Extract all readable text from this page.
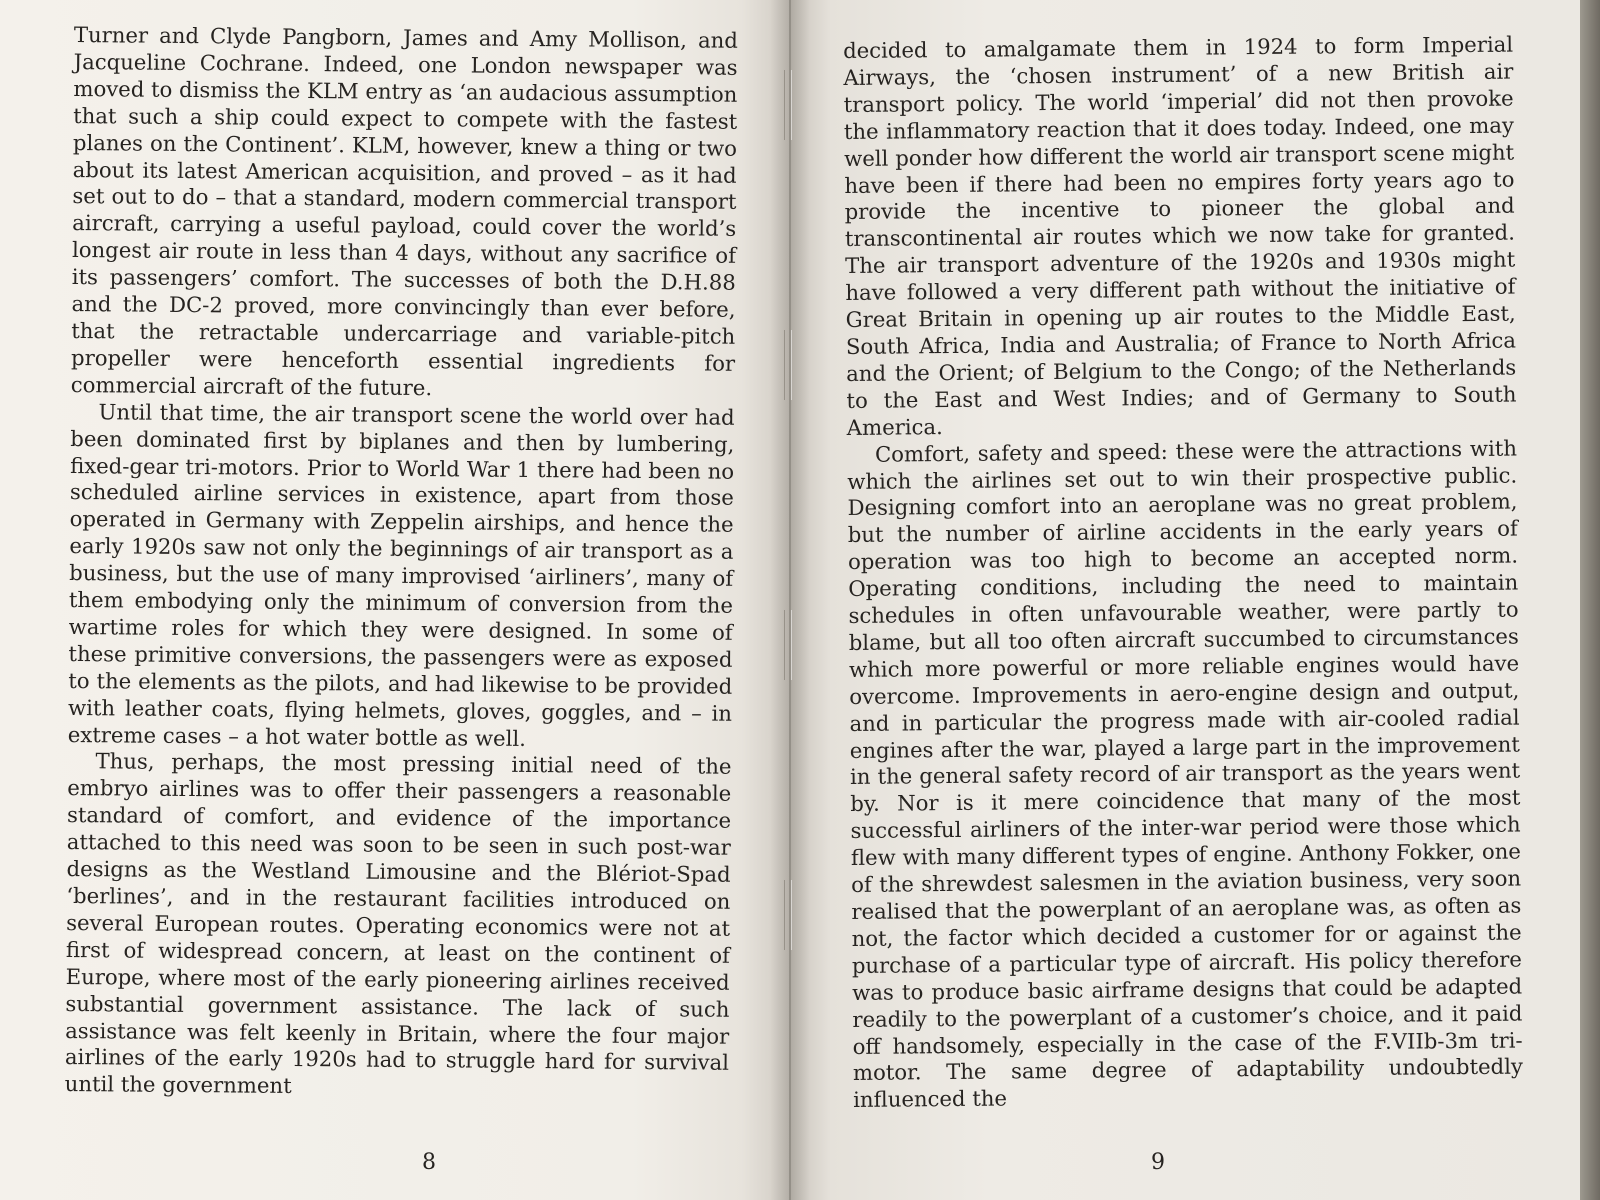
Turner and Clyde Pangborn, James and Amy Mollison, and Jacqueline Cochrane. Indeed, one London newspaper was moved to dismiss the KLM entry as ‘an audacious assumption that such a ship could expect to compete with the fastest planes on the Continent’. KLM, however, knew a thing or two about its latest American acquisition, and proved – as it had set out to do – that a standard, modern commercial transport aircraft, carrying a useful payload, could cover the world’s longest air route in less than 4 days, without any sacrifice of its passengers’ comfort. The successes of both the D.H.88 and the DC-2 proved, more convincingly than ever before, that the retractable undercarriage and variable-pitch propeller were henceforth essential ingredients for commercial aircraft of the future.

Until that time, the air transport scene the world over had been dominated first by biplanes and then by lumbering, fixed-gear tri-motors. Prior to World War 1 there had been no scheduled airline services in existence, apart from those operated in Germany with Zeppelin airships, and hence the early 1920s saw not only the beginnings of air transport as a business, but the use of many improvised ‘airliners’, many of them embodying only the minimum of conversion from the wartime roles for which they were designed. In some of these primitive conversions, the passengers were as exposed to the elements as the pilots, and had likewise to be provided with leather coats, flying helmets, gloves, goggles, and – in extreme cases – a hot water bottle as well.

Thus, perhaps, the most pressing initial need of the embryo airlines was to offer their passengers a reasonable standard of comfort, and evidence of the importance attached to this need was soon to be seen in such post-war designs as the Westland Limousine and the Blériot-Spad ‘berlines’, and in the restaurant facilities introduced on several European routes. Operating economics were not at first of widespread concern, at least on the continent of Europe, where most of the early pioneering airlines received substantial government assistance. The lack of such assistance was felt keenly in Britain, where the four major airlines of the early 1920s had to struggle hard for survival until the government

8

decided to amalgamate them in 1924 to form Imperial Airways, the ‘chosen instrument’ of a new British air transport policy. The world ‘imperial’ did not then provoke the inflammatory reaction that it does today. Indeed, one may well ponder how different the world air transport scene might have been if there had been no empires forty years ago to provide the incentive to pioneer the global and transcontinental air routes which we now take for granted. The air transport adventure of the 1920s and 1930s might have followed a very different path without the initiative of Great Britain in opening up air routes to the Middle East, South Africa, India and Australia; of France to North Africa and the Orient; of Belgium to the Congo; of the Netherlands to the East and West Indies; and of Germany to South America.

Comfort, safety and speed: these were the attractions with which the airlines set out to win their prospective public. Designing comfort into an aeroplane was no great problem, but the number of airline accidents in the early years of operation was too high to become an accepted norm. Operating conditions, including the need to maintain schedules in often unfavourable weather, were partly to blame, but all too often aircraft succumbed to circumstances which more powerful or more reliable engines would have overcome. Improvements in aero-engine design and output, and in particular the progress made with air-cooled radial engines after the war, played a large part in the improvement in the general safety record of air transport as the years went by. Nor is it mere coincidence that many of the most successful airliners of the inter-war period were those which flew with many different types of engine. Anthony Fokker, one of the shrewdest salesmen in the aviation business, very soon realised that the powerplant of an aeroplane was, as often as not, the factor which decided a customer for or against the purchase of a particular type of aircraft. His policy therefore was to produce basic airframe designs that could be adapted readily to the powerplant of a customer’s choice, and it paid off handsomely, especially in the case of the F.VIIb-3m tri-motor. The same degree of adaptability undoubtedly influenced the

9
